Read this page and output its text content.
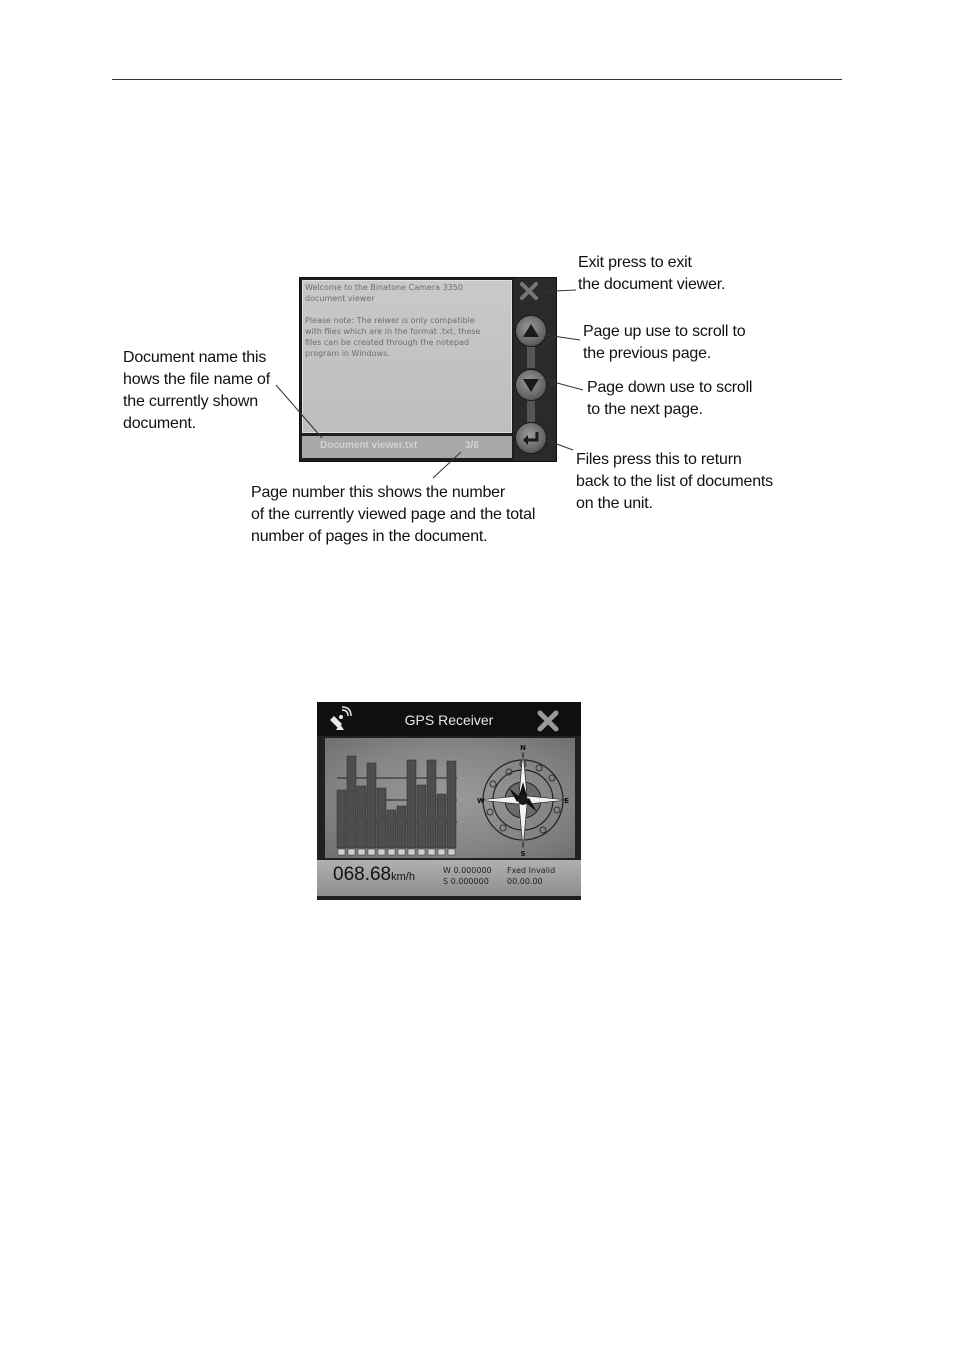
Welcome to the Binatone Camera 3350
document viewer

Please note: The reiwer is only compatible
with files which are in the format .txt, these
files can be created through the notepad
program in Windows.
Document viewer.txt	3/6
Exit press to exit
the document viewer.
Page up use to scroll to
the previous page.
Page down use to scroll
to the next page.
Files press this to return
back to the list of documents
on the unit.
Document name this
hows the file name of
the currently shown
document.
Page number this shows the number
of the currently viewed page and the total
number of pages in the document.
GPS Receiver
N
S
E
W
068.68km/h
W 0.000000
S 0.000000
Fxed Invalid
00.00.00
